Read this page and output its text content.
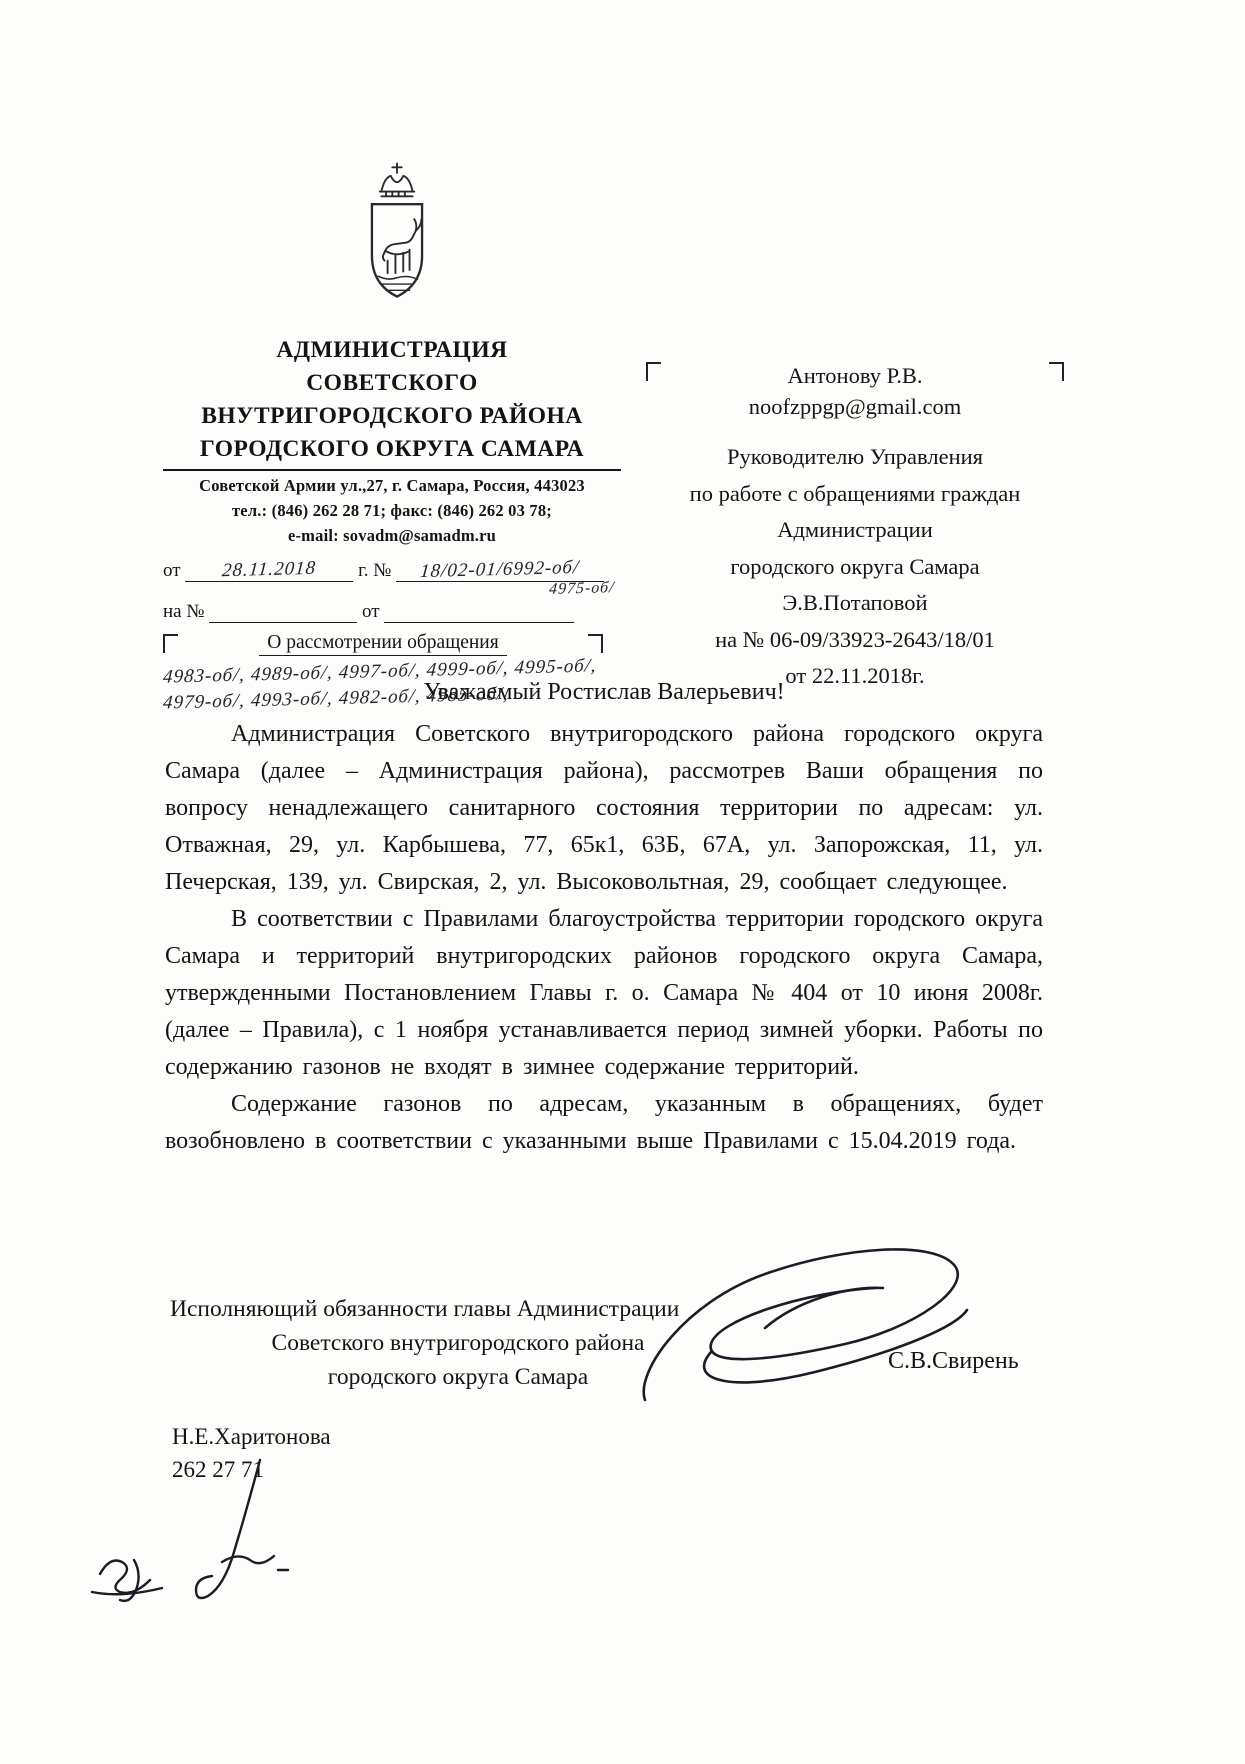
АДМИНИСТРАЦИЯ
СОВЕТСКОГО
ВНУТРИГОРОДСКОГО РАЙОНА
ГОРОДСКОГО ОКРУГА САМАРА
Советской Армии ул.,27, г. Самара, Россия, 443023
тел.: (846) 262 28 71; факс: (846) 262 03 78;
e-mail: sovadm@samadm.ru
от 28.11.2018 г. № 18/02-01/6992-об/
4975-об/
на №	от
О рассмотрении обращения
4983-об/, 4989-об/, 4997-об/, 4999-об/, 4995-об/,
4979-об/, 4993-об/, 4982-об/, 4985-об/,
Антонову Р.В.
noofzppgp@gmail.com
Руководителю Управления
по работе с обращениями граждан
Администрации
городского округа Самара
Э.В.Потаповой
на № 06-09/33923-2643/18/01
от 22.11.2018г.
Уважаемый Ростислав Валерьевич!

Администрация Советского внутригородского района городского округа Самара (далее – Администрация района), рассмотрев Ваши обращения по вопросу ненадлежащего санитарного состояния территории по адресам: ул. Отважная, 29, ул. Карбышева, 77, 65к1, 63Б, 67А, ул. Запорожская, 11, ул. Печерская, 139, ул. Свирская, 2, ул. Высоковольтная, 29, сообщает следующее.

В соответствии с Правилами благоустройства территории городского округа Самара и территорий внутригородских районов городского округа Самара, утвержденными Постановлением Главы г. о. Самара № 404 от 10 июня 2008г. (далее – Правила), с 1 ноября устанавливается период зимней уборки. Работы по содержанию газонов не входят в зимнее содержание территорий.

Содержание газонов по адресам, указанным в обращениях, будет возобновлено в соответствии с указанными выше Правилами с 15.04.2019 года.

Исполняющий обязанности главы Администрации
Советского внутригородского района
городского округа Самара
С.В.Свирень
Н.Е.Харитонова
262 27 71
